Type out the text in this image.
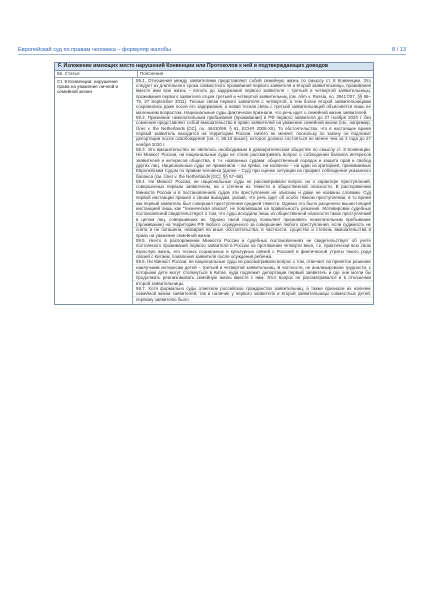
Европейский суд по правам человека – формуляр жалобы	8 / 13
F. Изложение имеющих место нарушений Конвенции или Протоколов к ней и подтверждающих доводов
55. Статья	Пояснения
Ст. 8 Конвенции: нарушение права на уважение личной и семейной жизни

59.1. Отношения между заявителями представляют собой семейную жизнь по смыслу ст. 8 Конвенции. Это следует из длительного срока совместного проживания первого заявителя и второй заявительницы, проживания вместе ими всю жизнь – вплоть до задержания первого заявителя – третьей и четвертой заявительницы, проживания первого заявителя отцом третьей и четвертой заявительниц (см. Alim v. Russia, no. 39417/07, §§ 68–75, 27 September 2011). Тесные связи первого заявителя с четвертой, а тем более второй заявительницами сохранились даже после его задержания, а новая тесная связь с третьей заявительницей объясняется лишь ее маленьким возрастом. Национальные суды фактически признали, что речь идет о семейной жизни заявителей.

59.2. Признание нежелательным пребывания (проживания) в РФ первого заявителя до 27 ноября 2020 г. без сомнения представляет собой вмешательство в право заявителей на уважение семейной жизни (см., например, Üner v. the Netherlands [GC], no. 46410/99, § 61, ECHR 2006-XII). То обстоятельство, что в настоящее время первый заявитель находится на территории России, ничего не меняет, поскольку по закону он подлежит депортации после освобождения (см. п. 56.15 выше), которое должно состояться не менее чем за 3 года до 27 ноября 2020 г.

59.3. Это вмешательство не являлось необходимым в демократическом обществе по смыслу ст. 8 Конвенции. Ни Минюст России, ни национальные суды не стали рассматривать вопрос о соблюдении баланса интересов заявителей и интересов общества, в т.ч. названных судами: общественный порядок и защита прав и свобод других лиц. Национальные суды не применили – ни прямо, ни косвенно – ни один из критериев, принимаемых Европейским Судом по правам человека (далее – Суд) при оценке ситуации на предмет соблюдения указанного баланса (см. Üner v. the Netherlands [GC], §§ 57–58).

59.4. Ни Минюст России, ни национальные суды не рассматривали вопрос ни о характере преступлений, совершенных первым заявителем, ни о степени их тяжести и общественной опасности. В распоряжении Минюста России и в постановлениях судов эти преступления не описаны и даже не названы словами. Суд первой инстанции пришел к своим выводам, указав, что речь идет об особо тяжком преступлении, в то время как первый заявитель был совершил преступления средней тяжести. Однако это было расценено вышестоящей инстанцией лишь как "техническая описка", не повлиявшая на правильность решения. Мотивировки судебных постановлений свидетельствуют о том, что суды исходили лишь из общественной опасности таких преступлений в целом лиц, совершивших их. Однако такой подход позволяет признавать нежелательным пребывание (проживание) на территории РФ любого осужденного за совершение любого преступления, если судимость не снята и не погашена, невзирая на иные обстоятельства, в частности, существо и степень вмешательства в право на уважение семейной жизни.

59.5. Ничто в распоряжении Минюста России и судебных постановлениях не свидетельствует об учете постоянного проживания первого заявителя в России на протяжении четверти века, т.е. практически всю свою взрослую жизнь, его тесных социальных и культурных связей с Россией и фактической утраты такого рода связей с Китаем, появления заявителя после осуждения ребенка.

59.6. Ни Минюст России, ни национальные суды не рассматривали вопрос о том, отвечает ли принятое решение наилучшим интересам детей – третьей и четвертой заявительниц. В частности, не анализировали трудности, с которыми дети могут столкнуться в Китае, куда подлежит депортации первый заявитель и где они могли бы продолжать реализовывать семейную жизнь вместе с ним. Этот вопрос не рассматривался и в отношении второй заявительницы.

59.7. Хотя формально суды отметили российское гражданство заявительниц, а также признали их наличие семейной жизни заявителей, так и наличие у первого заявителя и второй заявительницы совместных детей, первому заявителю было
